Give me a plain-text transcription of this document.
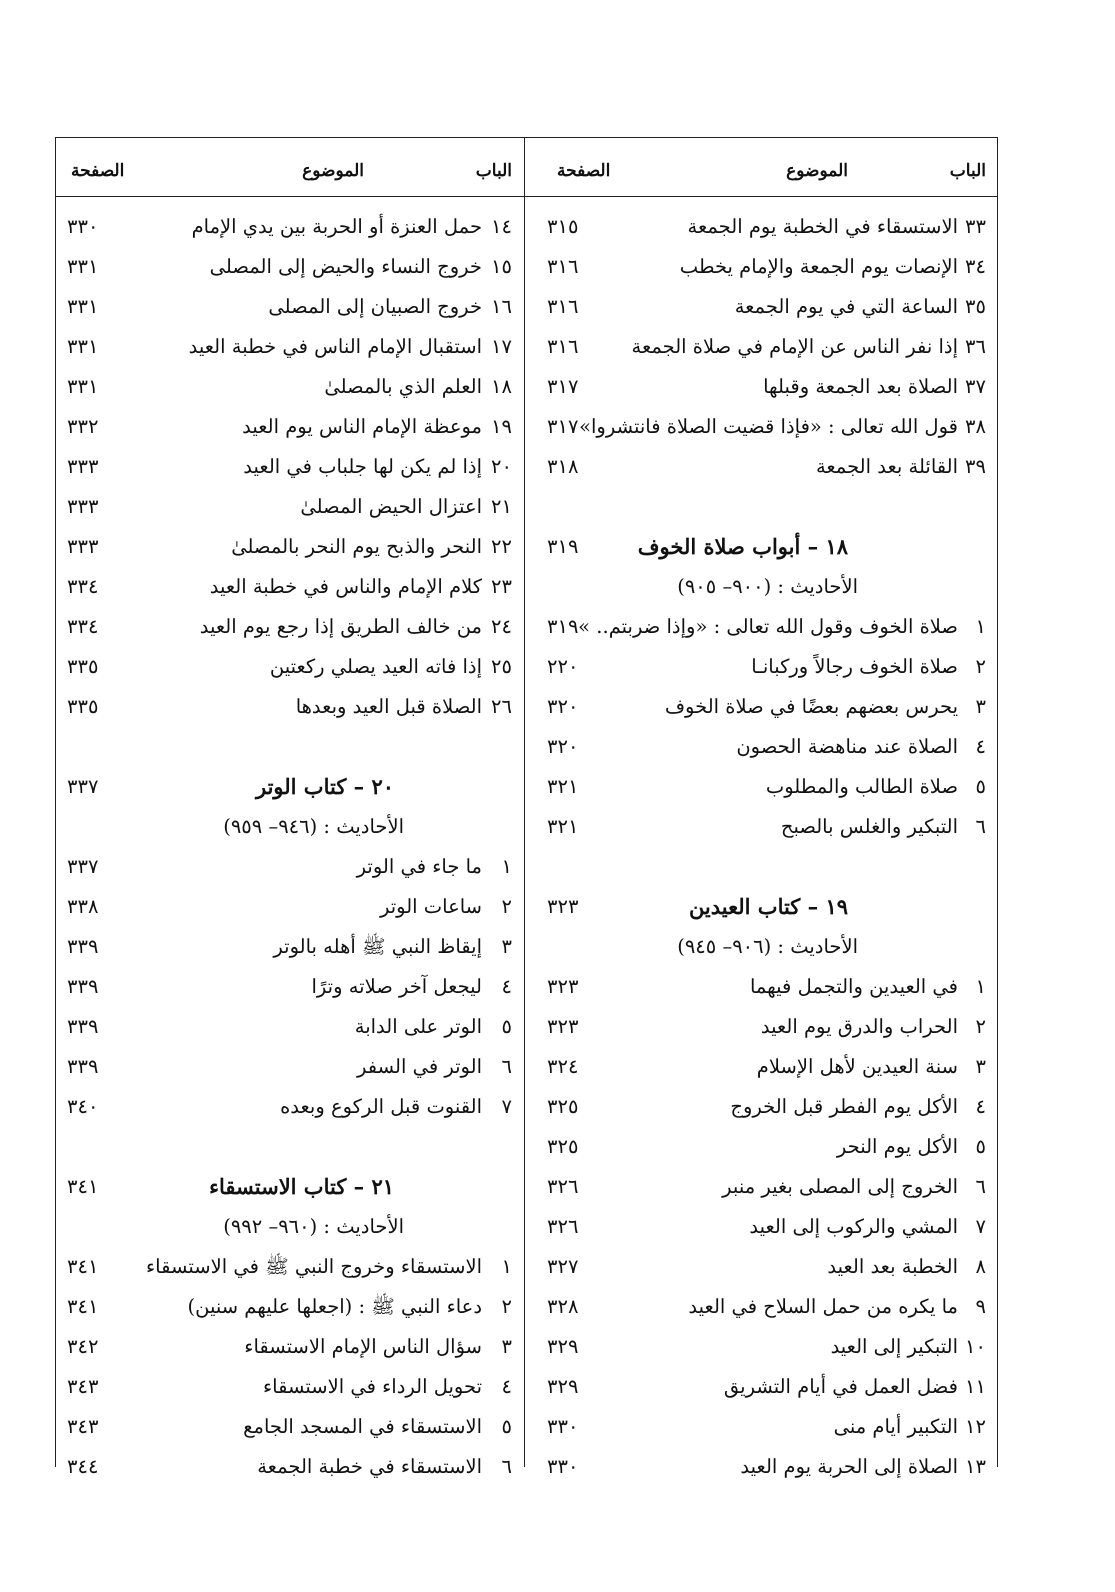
الباب
الموضوع
الصفحة
٣٣
الاستسقاء في الخطبة يوم الجمعة
٣١٥
٣٤
الإنصات يوم الجمعة والإمام يخطب
٣١٦
٣٥
الساعة التي في يوم الجمعة
٣١٦
٣٦
إذا نفر الناس عن الإمام في صلاة الجمعة
٣١٦
٣٧
الصلاة بعد الجمعة وقبلها
٣١٧
٣٨
قول الله تعالى : «فإذا قضيت الصلاة فانتشروا»
٣١٧
٣٩
القائلة بعد الجمعة
٣١٨
١٨ – أبواب صلاة الخوف
٣١٩
الأحاديث : (٩٠٠– ٩٠٥)
١
صلاة الخوف وقول الله تعالى : «وإذا ضربتم.. »
٣١٩
٢
صلاة الخوف رجالاً وركبانـا
٢٢٠
٣
يحرس بعضهم بعضًا في صلاة الخوف
٣٢٠
٤
الصلاة عند مناهضة الحصون
٣٢٠
٥
صلاة الطالب والمطلوب
٣٢١
٦
التبكير والغلس بالصبح
٣٢١
١٩ – كتاب العيدين
٣٢٣
الأحاديث : (٩٠٦– ٩٤٥)
١
في العيدين والتجمل فيهما
٣٢٣
٢
الحراب والدرق يوم العيد
٣٢٣
٣
سنة العيدين لأهل الإسلام
٣٢٤
٤
الأكل يوم الفطر قبل الخروج
٣٢٥
٥
الأكل يوم النحر
٣٢٥
٦
الخروج إلى المصلى بغير منبر
٣٢٦
٧
المشي والركوب إلى العيد
٣٢٦
٨
الخطبة بعد العيد
٣٢٧
٩
ما يكره من حمل السلاح في العيد
٣٢٨
١٠
التبكير إلى العيد
٣٢٩
١١
فضل العمل في أيام التشريق
٣٢٩
١٢
التكبير أيام منى
٣٣٠
١٣
الصلاة إلى الحربة يوم العيد
٣٣٠
الباب
الموضوع
الصفحة
١٤
حمل العنزة أو الحربة بين يدي الإمام
٣٣٠
١٥
خروج النساء والحيض إلى المصلى
٣٣١
١٦
خروج الصبيان إلى المصلى
٣٣١
١٧
استقبال الإمام الناس في خطبة العيد
٣٣١
١٨
العلم الذي بالمصلىٰ
٣٣١
١٩
موعظة الإمام الناس يوم العيد
٣٣٢
٢٠
إذا لم يكن لها جلباب في العيد
٣٣٣
٢١
اعتزال الحيض المصلىٰ
٣٣٣
٢٢
النحر والذبح يوم النحر بالمصلىٰ
٣٣٣
٢٣
كلام الإمام والناس في خطبة العيد
٣٣٤
٢٤
من خالف الطريق إذا رجع يوم العيد
٣٣٤
٢٥
إذا فاته العيد يصلي ركعتين
٣٣٥
٢٦
الصلاة قبل العيد وبعدها
٣٣٥
٢٠ – كتاب الوتر
٣٣٧
الأحاديث : (٩٤٦– ٩٥٩)
١
ما جاء في الوتر
٣٣٧
٢
ساعات الوتر
٣٣٨
٣
إيقاظ النبي ﷺ أهله بالوتر
٣٣٩
٤
ليجعل آخر صلاته وترًا
٣٣٩
٥
الوتر على الدابة
٣٣٩
٦
الوتر في السفر
٣٣٩
٧
القنوت قبل الركوع وبعده
٣٤٠
٢١ – كتاب الاستسقاء
٣٤١
الأحاديث : (٩٦٠– ٩٩٢)
١
الاستسقاء وخروج النبي ﷺ في الاستسقاء
٣٤١
٢
دعاء النبي ﷺ : (اجعلها عليهم سنين)
٣٤١
٣
سؤال الناس الإمام الاستسقاء
٣٤٢
٤
تحويل الرداء في الاستسقاء
٣٤٣
٥
الاستسقاء في المسجد الجامع
٣٤٣
٦
الاستسقاء في خطبة الجمعة
٣٤٤
